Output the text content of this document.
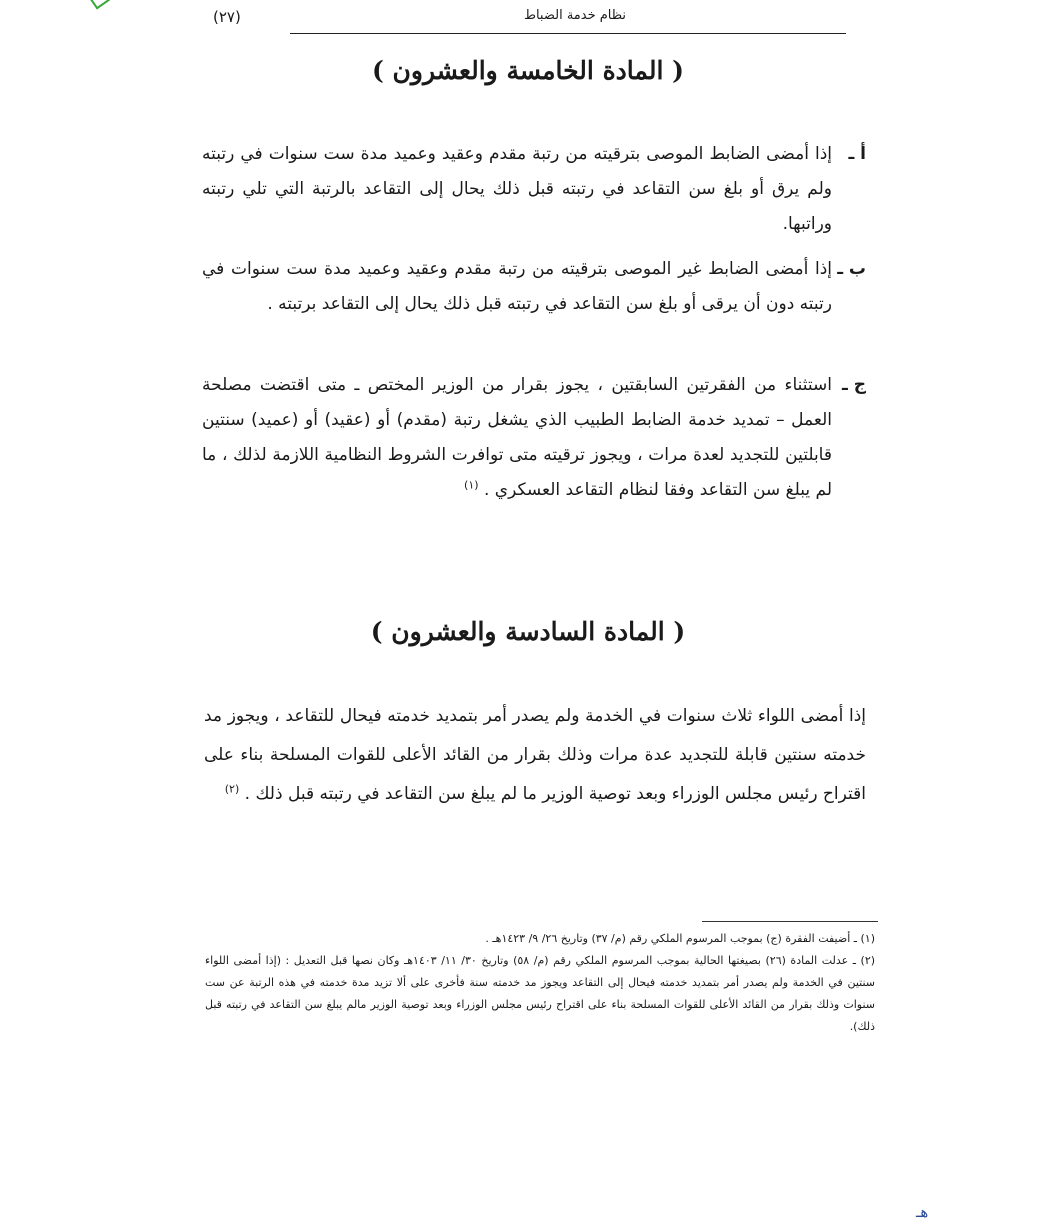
(٢٧)	نظام خدمة الضباط
( المادة الخامسة والعشرون )
أ ـ
إذا أمضى الضابط الموصى بترقيته من رتبة مقدم وعقيد وعميد مدة ست سنوات في رتبته ولم يرق أو بلغ سن التقاعد في رتبته قبل ذلك يحال إلى التقاعد بالرتبة التي تلي رتبته وراتبها.
ب ـ
إذا أمضى الضابط غير الموصى بترقيته من رتبة مقدم وعقيد وعميد مدة ست سنوات في رتبته دون أن يرقى أو بلغ سن التقاعد في رتبته قبل ذلك يحال إلى التقاعد برتبته .
ج ـ
استثناء من الفقرتين السابقتين ، يجوز بقرار من الوزير المختص ـ متى اقتضت مصلحة العمل – تمديد خدمة الضابط الطبيب الذي يشغل رتبة (مقدم) أو (عقيد) أو (عميد) سنتين قابلتين للتجديد لعدة مرات ، ويجوز ترقيته متى توافرت الشروط النظامية اللازمة لذلك ، ما لم يبلغ سن التقاعد وفقا لنظام التقاعد العسكري . $^{(١)}$
( المادة السادسة والعشرون )
إذا أمضى اللواء ثلاث سنوات في الخدمة ولم يصدر أمر بتمديد خدمته فيحال للتقاعد ، ويجوز مد خدمته سنتين قابلة للتجديد عدة مرات وذلك بقرار من القائد الأعلى للقوات المسلحة بناء على اقتراح رئيس مجلس الوزراء وبعد توصية الوزير ما لم يبلغ سن التقاعد في رتبته قبل ذلك . $^{(٢)}$

(١) ـ أضيفت الفقرة (ج) بموجب المرسوم الملكي رقم (م/ ٣٧) وتاريخ ٢٦/ ٩/ ١٤٢٣هـ .

(٢) ـ عدلت المادة (٢٦) بصيغتها الحالية بموجب المرسوم الملكي رقم (م/ ٥٨) وتاريخ ٣٠/ ١١/ ١٤٠٣هـ وكان نصها قبل التعديل : (إذا أمضى اللواء سنتين في الخدمة ولم يصدر أمر بتمديد خدمته فيحال إلى التقاعد ويجوز مد خدمته سنة فأخرى على ألا تزيد مدة خدمته في هذه الرتبة عن ست سنوات وذلك بقرار من القائد الأعلى للقوات المسلحة بناء على اقتراح رئيس مجلس الوزراء وبعد توصية الوزير مالم يبلغ سن التقاعد في رتبته قبل ذلك).

هـ
